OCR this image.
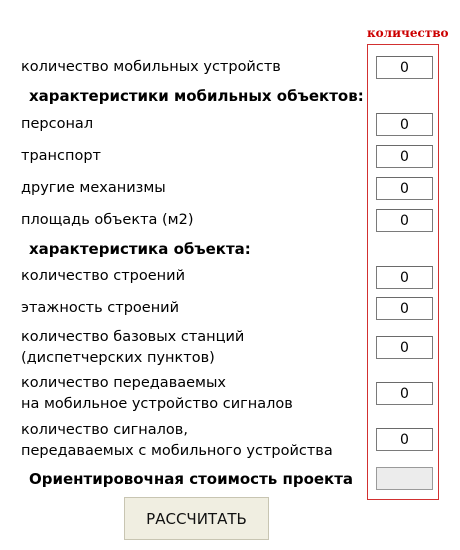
количество
количество мобильных устройств
0
характеристики мобильных объектов:
персонал
0
транспорт
0
другие механизмы
0
площадь объекта (м2)
0
характеристика объекта:
количество строений
0
этажность строений
0
количество базовых станций
(диспетчерских пунктов)
0
количество передаваемых
на мобильное устройство сигналов
0
количество сигналов,
передаваемых с мобильного устройства
0
Ориентировочная стоимость проекта
РАССЧИТАТЬ
